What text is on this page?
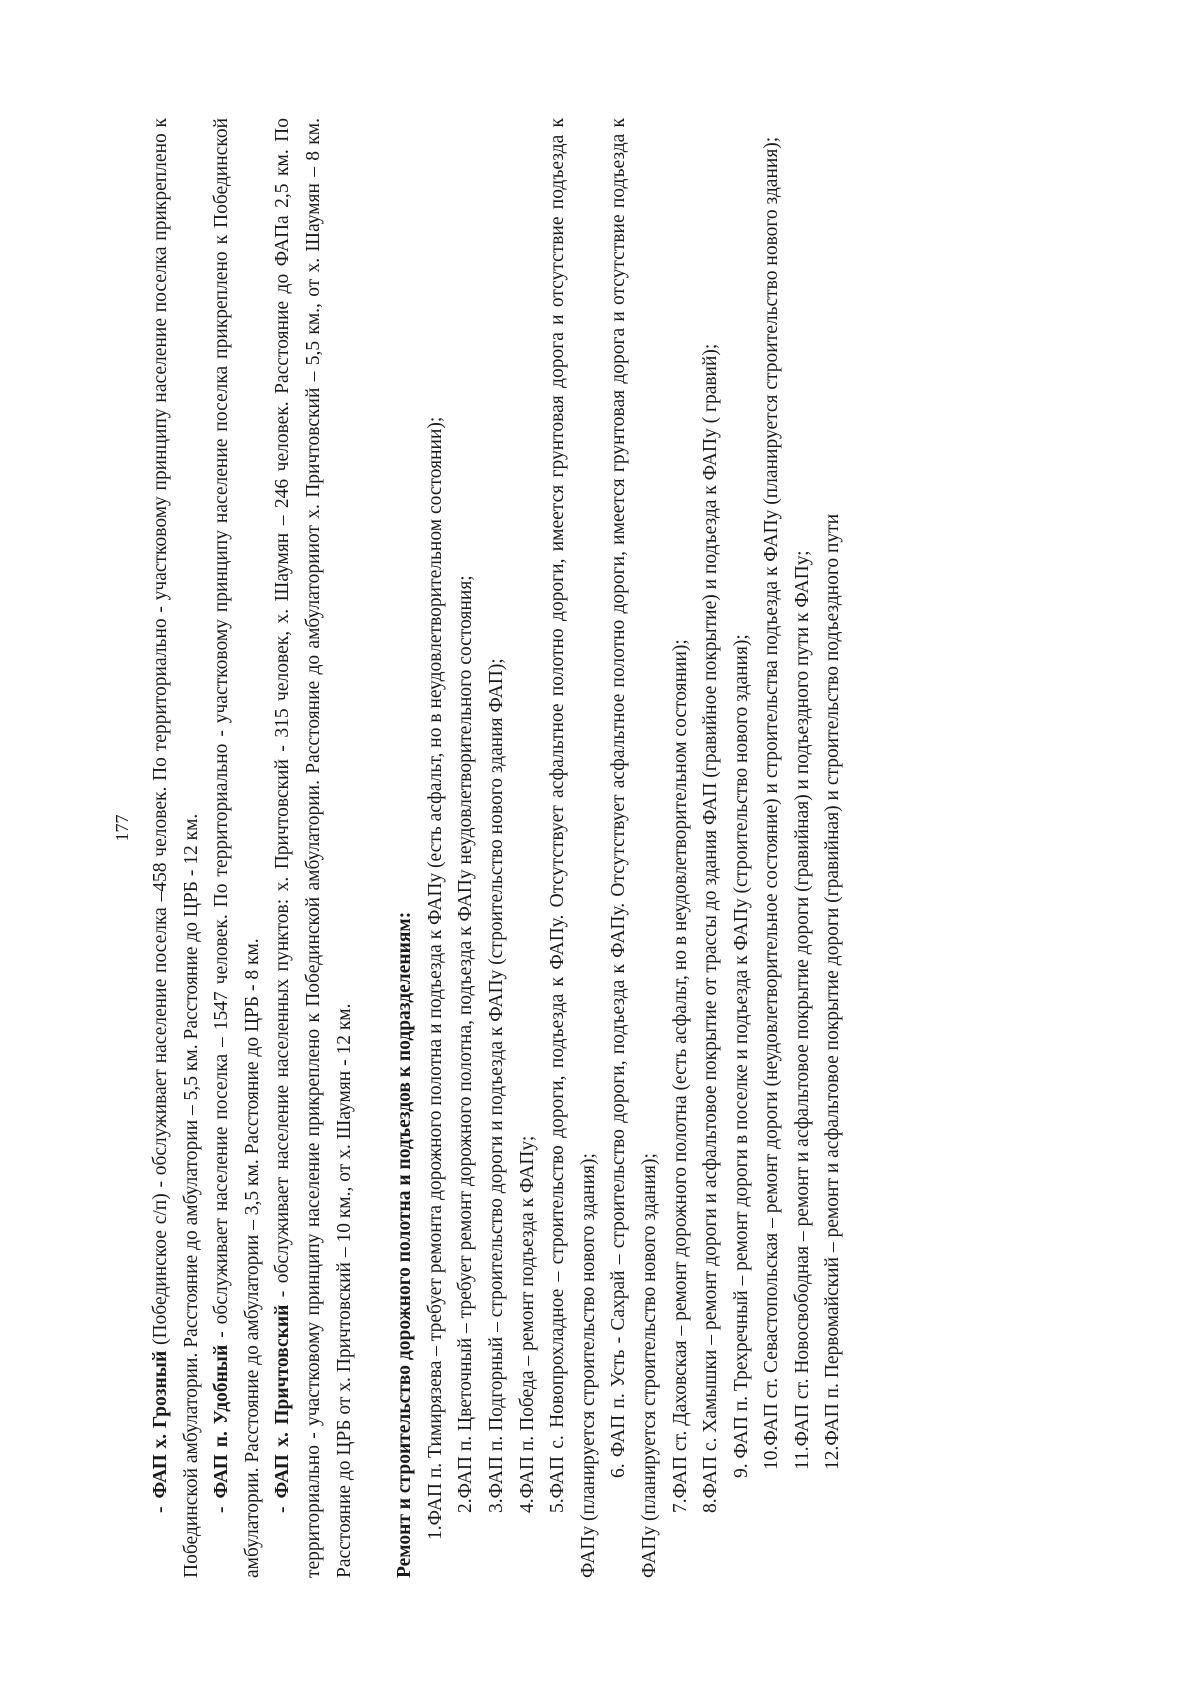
177

-ФАП х. Грозный (Побединское с/п) - обслуживает население поселка –458 человек. По территориально - участковому принципу население поселка прикреплено к Побединской амбулатории. Расстояние до амбулатории – 5,5 км. Расстояние до ЦРБ - 12 км. -ФАП п. Удобный - обслуживает население поселка – 1547 человек. По территориально - участковому принципу население поселка прикреплено к Побединской амбулатории. Расстояние до амбулатории – 3,5 км. Расстояние до ЦРБ - 8 км. -ФАП х. Причтовский - обслуживает население населенных пунктов: х. Причтовский - 315 человек, х. Шаумян – 246 человек. Расстояние до ФАПа 2,5 км. По территориально - участковому принципу население прикреплено к Побединской амбулатории. Расстояние до амбулаторииот х. Причтовский – 5,5 км., от х. Шаумян – 8 км. Расстояние до ЦРБ от х. Причтовский – 10 км., от х. Шаумян - 12 км. Ремонт и строительство дорожного полотна и подъездов к подразделениям: 1.ФАП п. Тимирязева – требует ремонта дорожного полотна и подъезда к ФАПу (есть асфальт, но в неудовлетворительном состоянии); 2.ФАП п. Цветочный – требует ремонт дорожного полотна, подъезда к ФАПу неудовлетворительного состояния; 3.ФАП п. Подгорный – строительство дороги и подъезда к ФАПу (строительство нового здания ФАП); 4.ФАП п. Победа – ремонт подъезда к ФАПу; 5.ФАП с. Новопрохладное – строительство дороги, подъезда к ФАПу. Отсутствует асфальтное полотно дороги, имеется грунтовая дорога и отсутствие подъезда к ФАПу (планируется строительство нового здания); 6. ФАП п. Усть - Сахрай – строительство дороги, подъезда к ФАПу. Отсутствует асфальтное полотно дороги, имеется грунтовая дорога и отсутствие подъезда к ФАПу (планируется строительство нового здания); 7.ФАП ст. Даховская – ремонт дорожного полотна (есть асфальт, но в неудовлетворительном состоянии); 8.ФАП с. Хамышки – ремонт дороги и асфальтовое покрытие от трассы до здания ФАП (гравийное покрытие) и подъезда к ФАПу ( гравий); 9. ФАП п. Трехречный – ремонт дороги в поселке и подъезда к ФАПу (строительство нового здания); 10.ФАП ст. Севастопольская – ремонт дороги (неудовлетворительное состояние) и строительства подъезда к ФАПу (планируется строительство нового здания); 11.ФАП ст. Новосвободная – ремонт и асфальтовое покрытие дороги (гравийная) и подъездного пути к ФАПу; 12.ФАП п. Первомайский – ремонт и асфальтовое покрытие дороги (гравийная) и строительство подъездного пути
